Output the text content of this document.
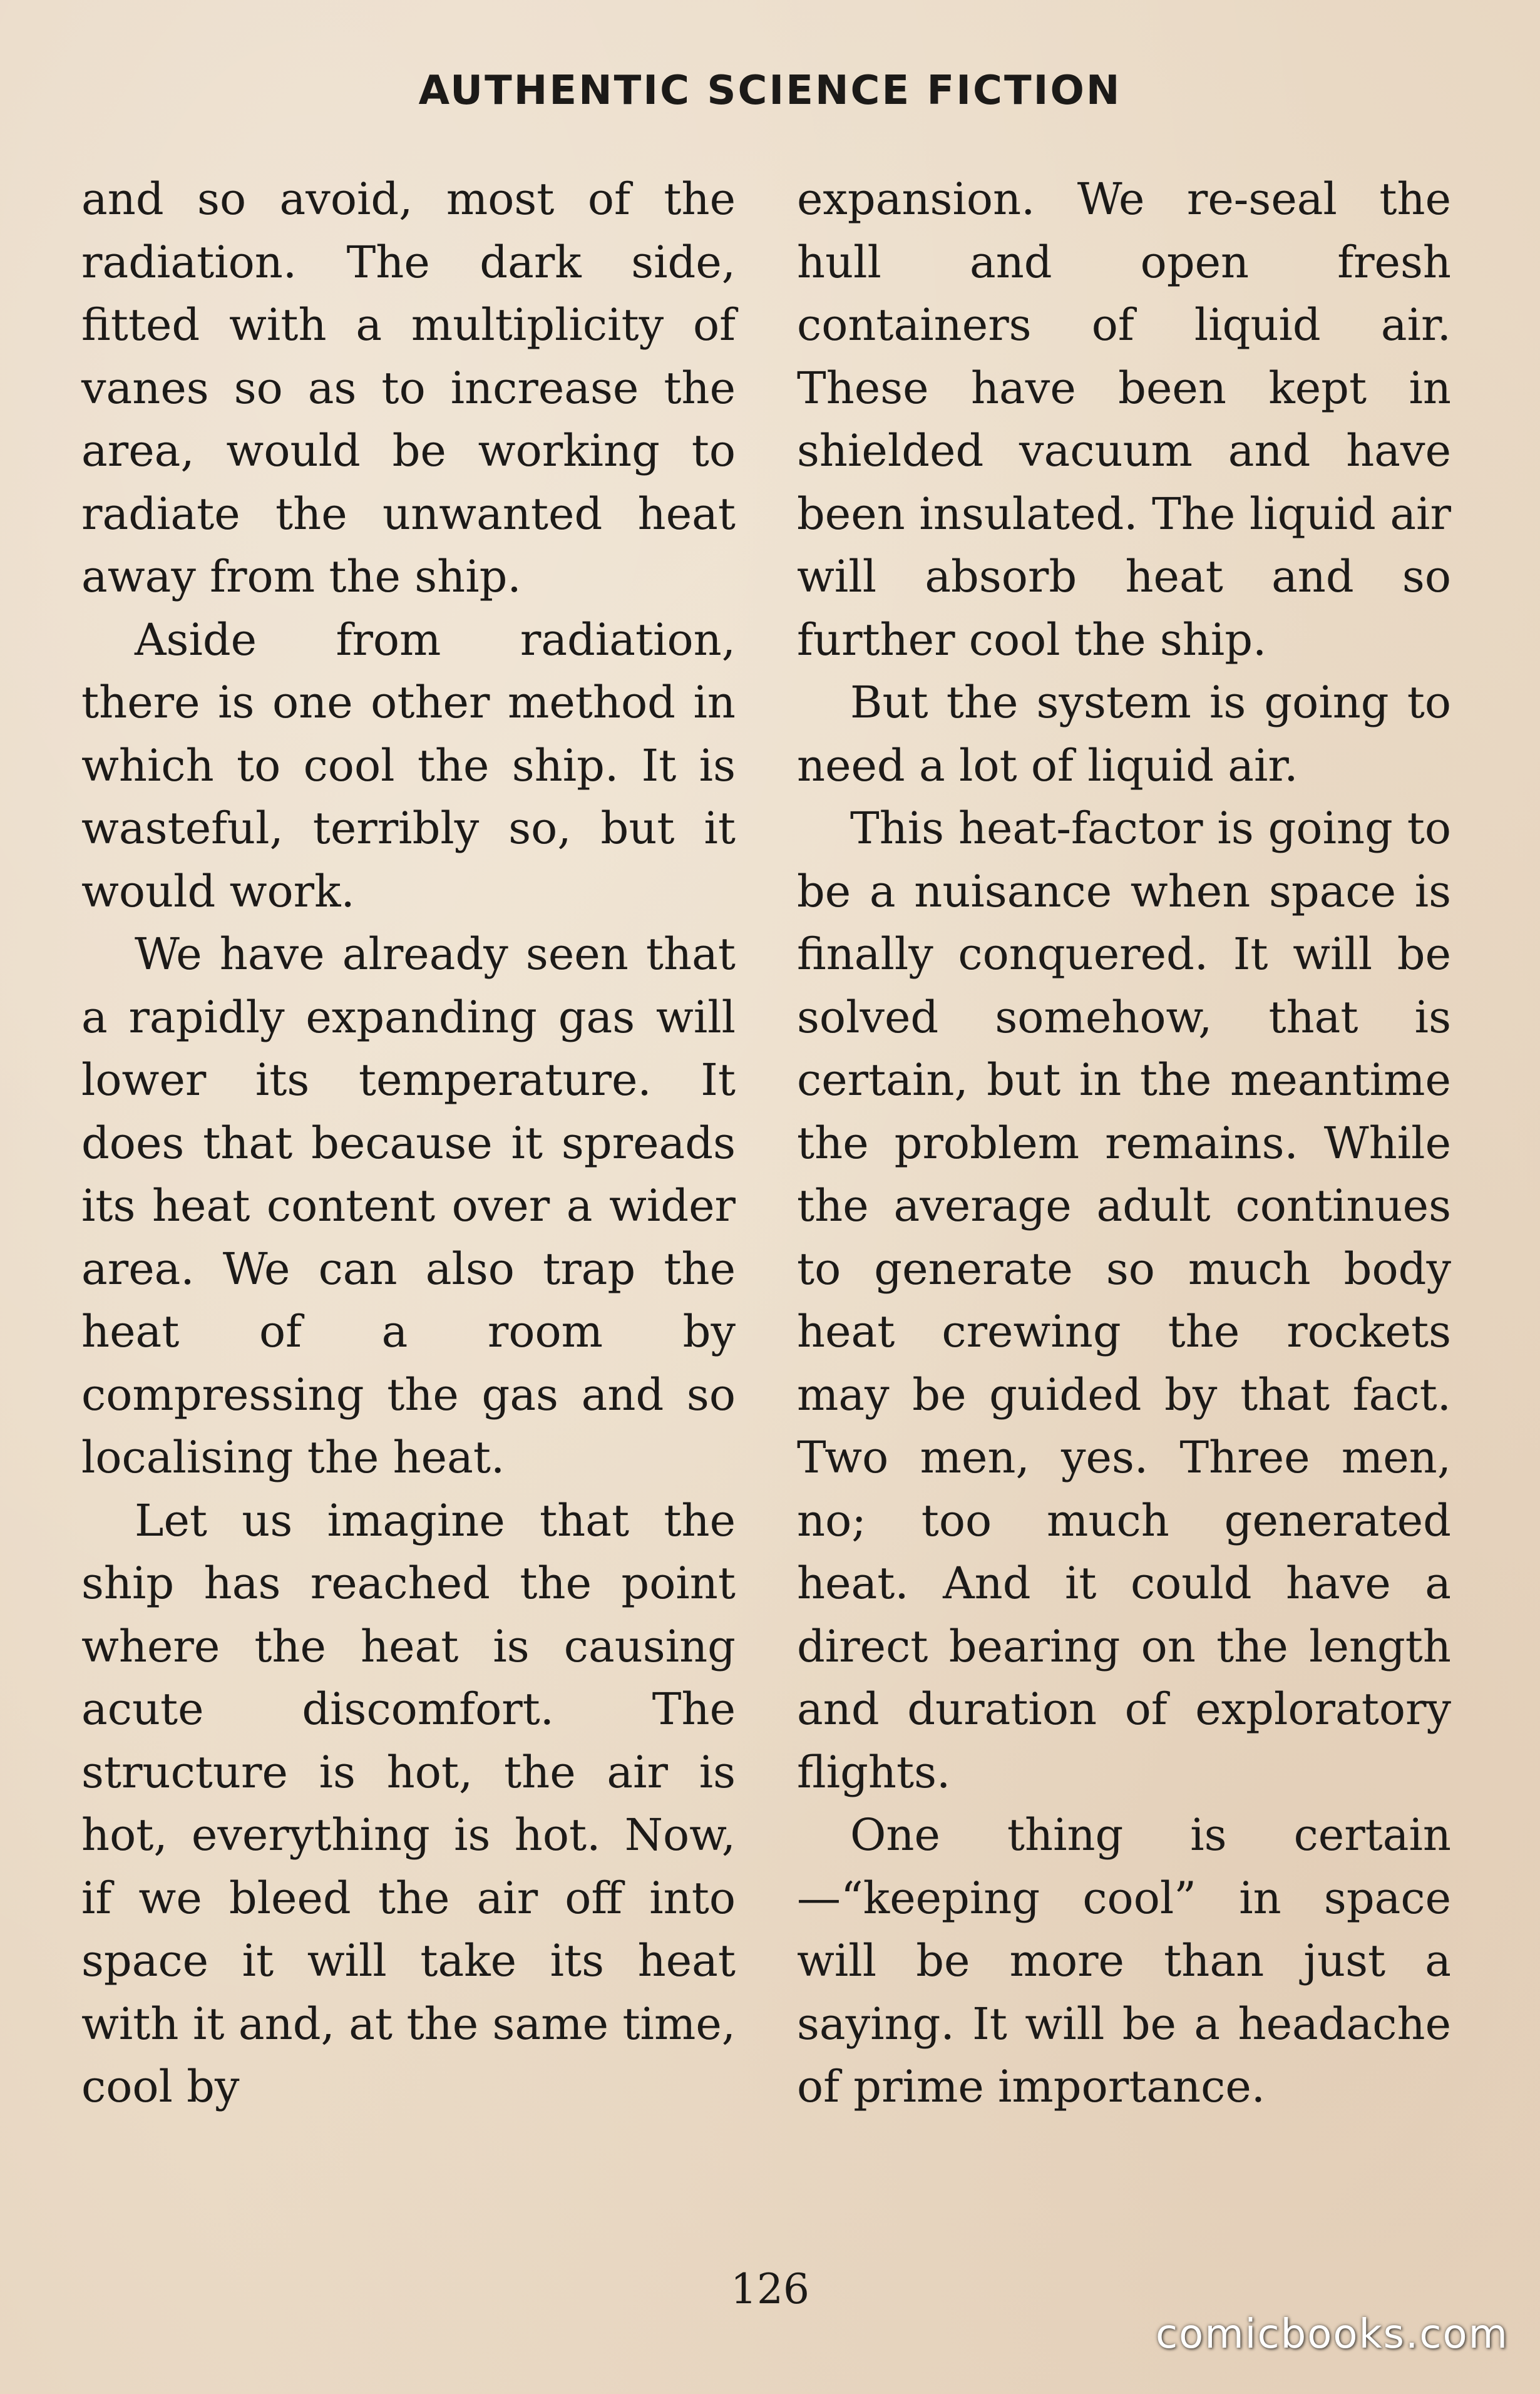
AUTHENTIC SCIENCE FICTION

and so avoid, most of the radiation. The dark side, fitted with a multiplicity of vanes so as to increase the area, would be working to radiate the unwanted heat away from the ship.

Aside from radiation, there is one other method in which to cool the ship. It is wasteful, terribly so, but it would work.

We have already seen that a rapidly expanding gas will lower its temperature. It does that because it spreads its heat content over a wider area. We can also trap the heat of a room by compressing the gas and so localising the heat.

Let us imagine that the ship has reached the point where the heat is causing acute discomfort. The structure is hot, the air is hot, everything is hot. Now, if we bleed the air off into space it will take its heat with it and, at the same time, cool by

expansion. We re-seal the hull and open fresh containers of liquid air. These have been kept in shielded vacuum and have been insulated. The liquid air will absorb heat and so further cool the ship.

But the system is going to need a lot of liquid air.

This heat-factor is going to be a nuisance when space is finally conquered. It will be solved somehow, that is certain, but in the meantime the problem remains. While the average adult continues to generate so much body heat crewing the rockets may be guided by that fact. Two men, yes. Three men, no; too much generated heat. And it could have a direct bearing on the length and duration of exploratory flights.

One thing is certain—“keeping cool” in space will be more than just a saying. It will be a headache of prime importance.

126
comicbooks.com
